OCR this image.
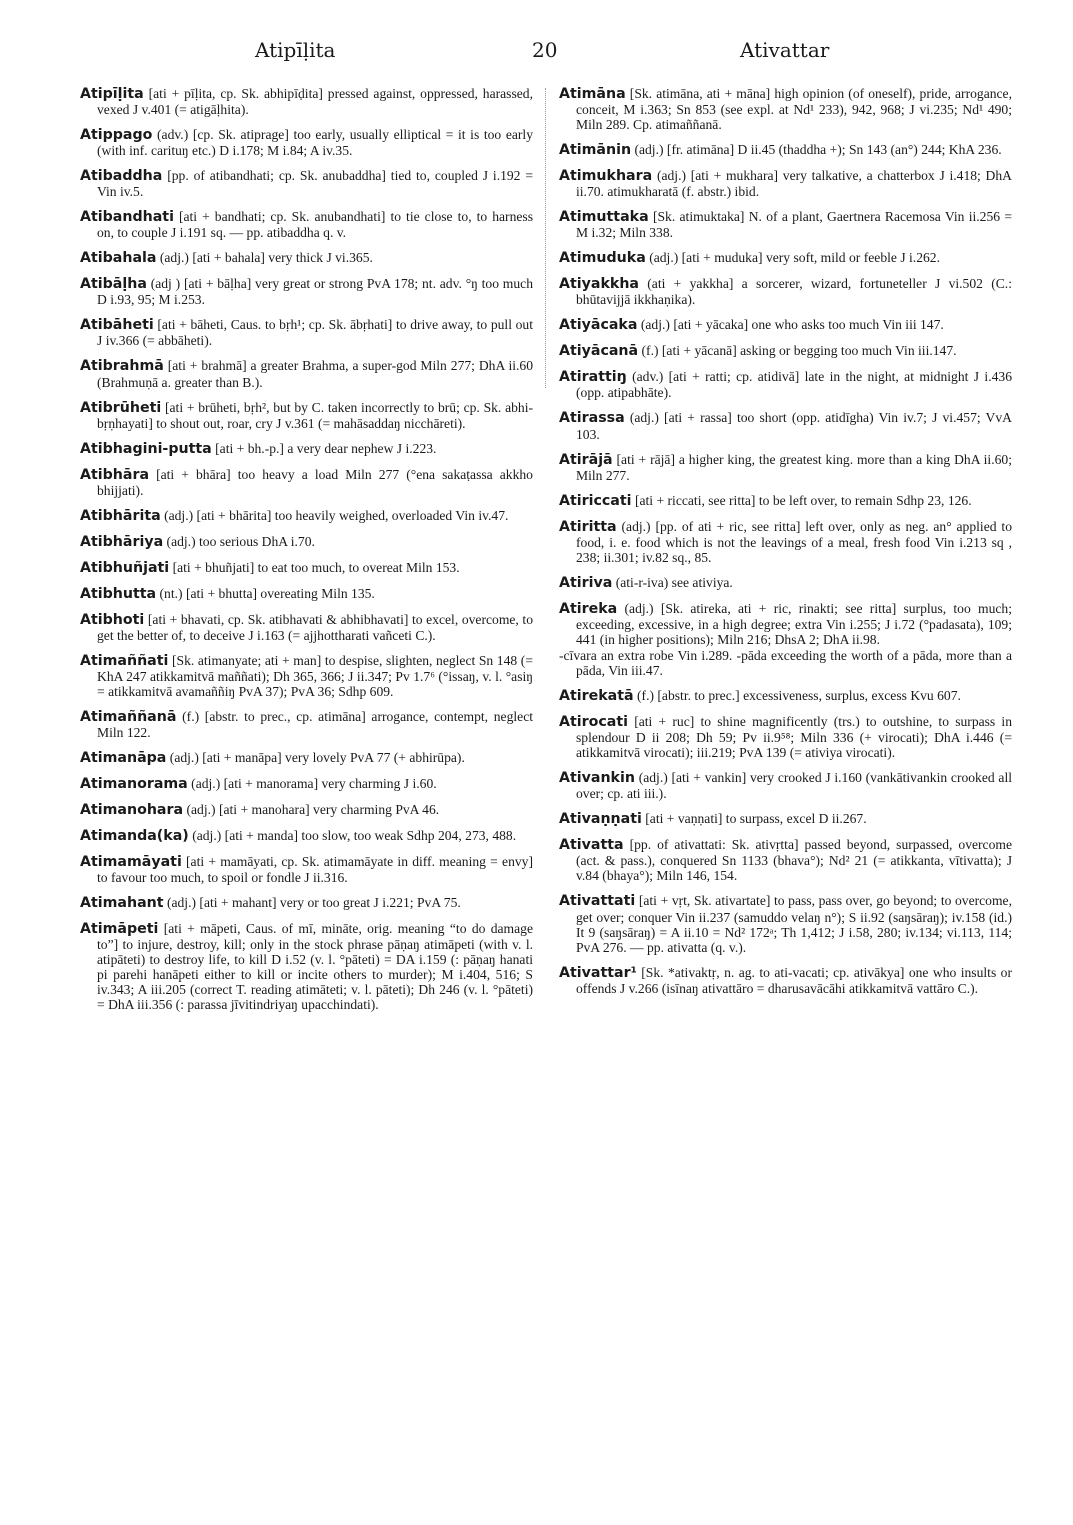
Atipīḷita	20	Ativattar

Atipīḷita [ati + pīḷita, cp. Sk. abhipīḍita] pressed against, oppressed, harassed, vexed J v.401 (= atigāḷhita).

Atippago (adv.) [cp. Sk. atiprage] too early, usually elliptical = it is too early (with inf. carituŋ etc.) D i.178; M i.84; A iv.35.

Atibaddha [pp. of atibandhati; cp. Sk. anubaddha] tied to, coupled J i.192 = Vin iv.5.

Atibandhati [ati + bandhati; cp. Sk. anubandhati] to tie close to, to harness on, to couple J i.191 sq. — pp. atibaddha q. v.

Atibahala (adj.) [ati + bahala] very thick J vi.365.

Atibāḷha (adj ) [ati + bāḷha] very great or strong PvA 178; nt. adv. °ŋ too much D i.93, 95; M i.253.

Atibāheti [ati + bāheti, Caus. to bṛh¹; cp. Sk. ābṛhati] to drive away, to pull out J iv.366 (= abbāheti).

Atibrahmā [ati + brahmā] a greater Brahma, a super-god Miln 277; DhA ii.60 (Brahmuṇā a. greater than B.).

Atibrūheti [ati + brūheti, bṛh², but by C. taken incorrectly to brū; cp. Sk. abhi-bṛṇhayati] to shout out, roar, cry J v.361 (= mahāsaddaŋ nicchāreti).

Atibhagini-putta [ati + bh.-p.] a very dear nephew J i.223.

Atibhāra [ati + bhāra] too heavy a load Miln 277 (°ena sakaṭassa akkho bhijjati).

Atibhārita (adj.) [ati + bhārita] too heavily weighed, overloaded Vin iv.47.

Atibhāriya (adj.) too serious DhA i.70.

Atibhuñjati [ati + bhuñjati] to eat too much, to overeat Miln 153.

Atibhutta (nt.) [ati + bhutta] overeating Miln 135.

Atibhoti [ati + bhavati, cp. Sk. atibhavati & abhibhavati] to excel, overcome, to get the better of, to deceive J i.163 (= ajjhottharati vañceti C.).

Atimaññati [Sk. atimanyate; ati + man] to despise, slighten, neglect Sn 148 (= KhA 247 atikkamitvā maññati); Dh 365, 366; J ii.347; Pv 1.7⁶ (°issaŋ, v. l. °asiŋ = atikkamitvā avamaññiŋ PvA 37); PvA 36; Sdhp 609.

Atimaññanā (f.) [abstr. to prec., cp. atimāna] arrogance, contempt, neglect Miln 122.

Atimanāpa (adj.) [ati + manāpa] very lovely PvA 77 (+ abhirūpa).

Atimanorama (adj.) [ati + manorama] very charming J i.60.

Atimanohara (adj.) [ati + manohara] very charming PvA 46.

Atimanda(ka) (adj.) [ati + manda] too slow, too weak Sdhp 204, 273, 488.

Atimamāyati [ati + mamāyati, cp. Sk. atimamāyate in diff. meaning = envy] to favour too much, to spoil or fondle J ii.316.

Atimahant (adj.) [ati + mahant] very or too great J i.221; PvA 75.

Atimāpeti [ati + māpeti, Caus. of mī, mināte, orig. meaning “to do damage to”] to injure, destroy, kill; only in the stock phrase pāṇaŋ atimāpeti (with v. l. atipāteti) to destroy life, to kill D i.52 (v. l. °pāteti) = DA i.159 (: pāṇaŋ hanati pi parehi hanāpeti either to kill or incite others to murder); M i.404, 516; S iv.343; A iii.205 (correct T. reading atimāteti; v. l. pāteti); Dh 246 (v. l. °pāteti) = DhA iii.356 (: parassa jīvitindriyaŋ upacchindati).

Atimāna [Sk. atimāna, ati + māna] high opinion (of oneself), pride, arrogance, conceit, M i.363; Sn 853 (see expl. at Nd¹ 233), 942, 968; J vi.235; Nd¹ 490; Miln 289. Cp. atimaññanā.

Atimānin (adj.) [fr. atimāna] D ii.45 (thaddha +); Sn 143 (an°) 244; KhA 236.

Atimukhara (adj.) [ati + mukhara] very talkative, a chatterbox J i.418; DhA ii.70. atimukharatā (f. abstr.) ibid.

Atimuttaka [Sk. atimuktaka] N. of a plant, Gaertnera Racemosa Vin ii.256 = M i.32; Miln 338.

Atimuduka (adj.) [ati + muduka] very soft, mild or feeble J i.262.

Atiyakkha (ati + yakkha] a sorcerer, wizard, fortuneteller J vi.502 (C.: bhūtavijjā ikkhaṇika).

Atiyācaka (adj.) [ati + yācaka] one who asks too much Vin iii 147.

Atiyācanā (f.) [ati + yācanā] asking or begging too much Vin iii.147.

Atirattiŋ (adv.) [ati + ratti; cp. atidivā] late in the night, at midnight J i.436 (opp. atipabhāte).

Atirassa (adj.) [ati + rassa] too short (opp. atidīgha) Vin iv.7; J vi.457; VvA 103.

Atirājā [ati + rājā] a higher king, the greatest king. more than a king DhA ii.60; Miln 277.

Atiriccati [ati + riccati, see ritta] to be left over, to remain Sdhp 23, 126.

Atiritta (adj.) [pp. of ati + ric, see ritta] left over, only as neg. an° applied to food, i. e. food which is not the leavings of a meal, fresh food Vin i.213 sq , 238; ii.301; iv.82 sq., 85.

Atiriva (ati-r-iva) see ativiya.

Atireka (adj.) [Sk. atireka, ati + ric, rinakti; see ritta] surplus, too much; exceeding, excessive, in a high degree; extra Vin i.255; J i.72 (°padasata), 109; 441 (in higher positions); Miln 216; DhsA 2; DhA ii.98.
-cīvara an extra robe Vin i.289. -pāda exceeding the worth of a pāda, more than a pāda, Vin iii.47.

Atirekatā (f.) [abstr. to prec.] excessiveness, surplus, excess Kvu 607.

Atirocati [ati + ruc] to shine magnificently (trs.) to outshine, to surpass in splendour D ii 208; Dh 59; Pv ii.9⁵⁸; Miln 336 (+ virocati); DhA i.446 (= atikkamitvā virocati); iii.219; PvA 139 (= ativiya virocati).

Ativankin (adj.) [ati + vankin] very crooked J i.160 (vankātivankin crooked all over; cp. ati iii.).

Ativaṇṇati [ati + vaṇṇati] to surpass, excel D ii.267.

Ativatta [pp. of ativattati: Sk. ativṛtta] passed beyond, surpassed, overcome (act. & pass.), conquered Sn 1133 (bhava°); Nd² 21 (= atikkanta, vītivatta); J v.84 (bhaya°); Miln 146, 154.

Ativattati [ati + vṛt, Sk. ativartate] to pass, pass over, go beyond; to overcome, get over; conquer Vin ii.237 (samuddo velaŋ n°); S ii.92 (saŋsāraŋ); iv.158 (id.) It 9 (saŋsāraŋ) = A ii.10 = Nd² 172ᵃ; Th 1,412; J i.58, 280; iv.134; vi.113, 114; PvA 276. — pp. ativatta (q. v.).

Ativattar¹ [Sk. *ativaktṛ, n. ag. to ati-vacati; cp. ativākya] one who insults or offends J v.266 (isīnaŋ ativattāro = dharusavācāhi atikkamitvā vattāro C.).
